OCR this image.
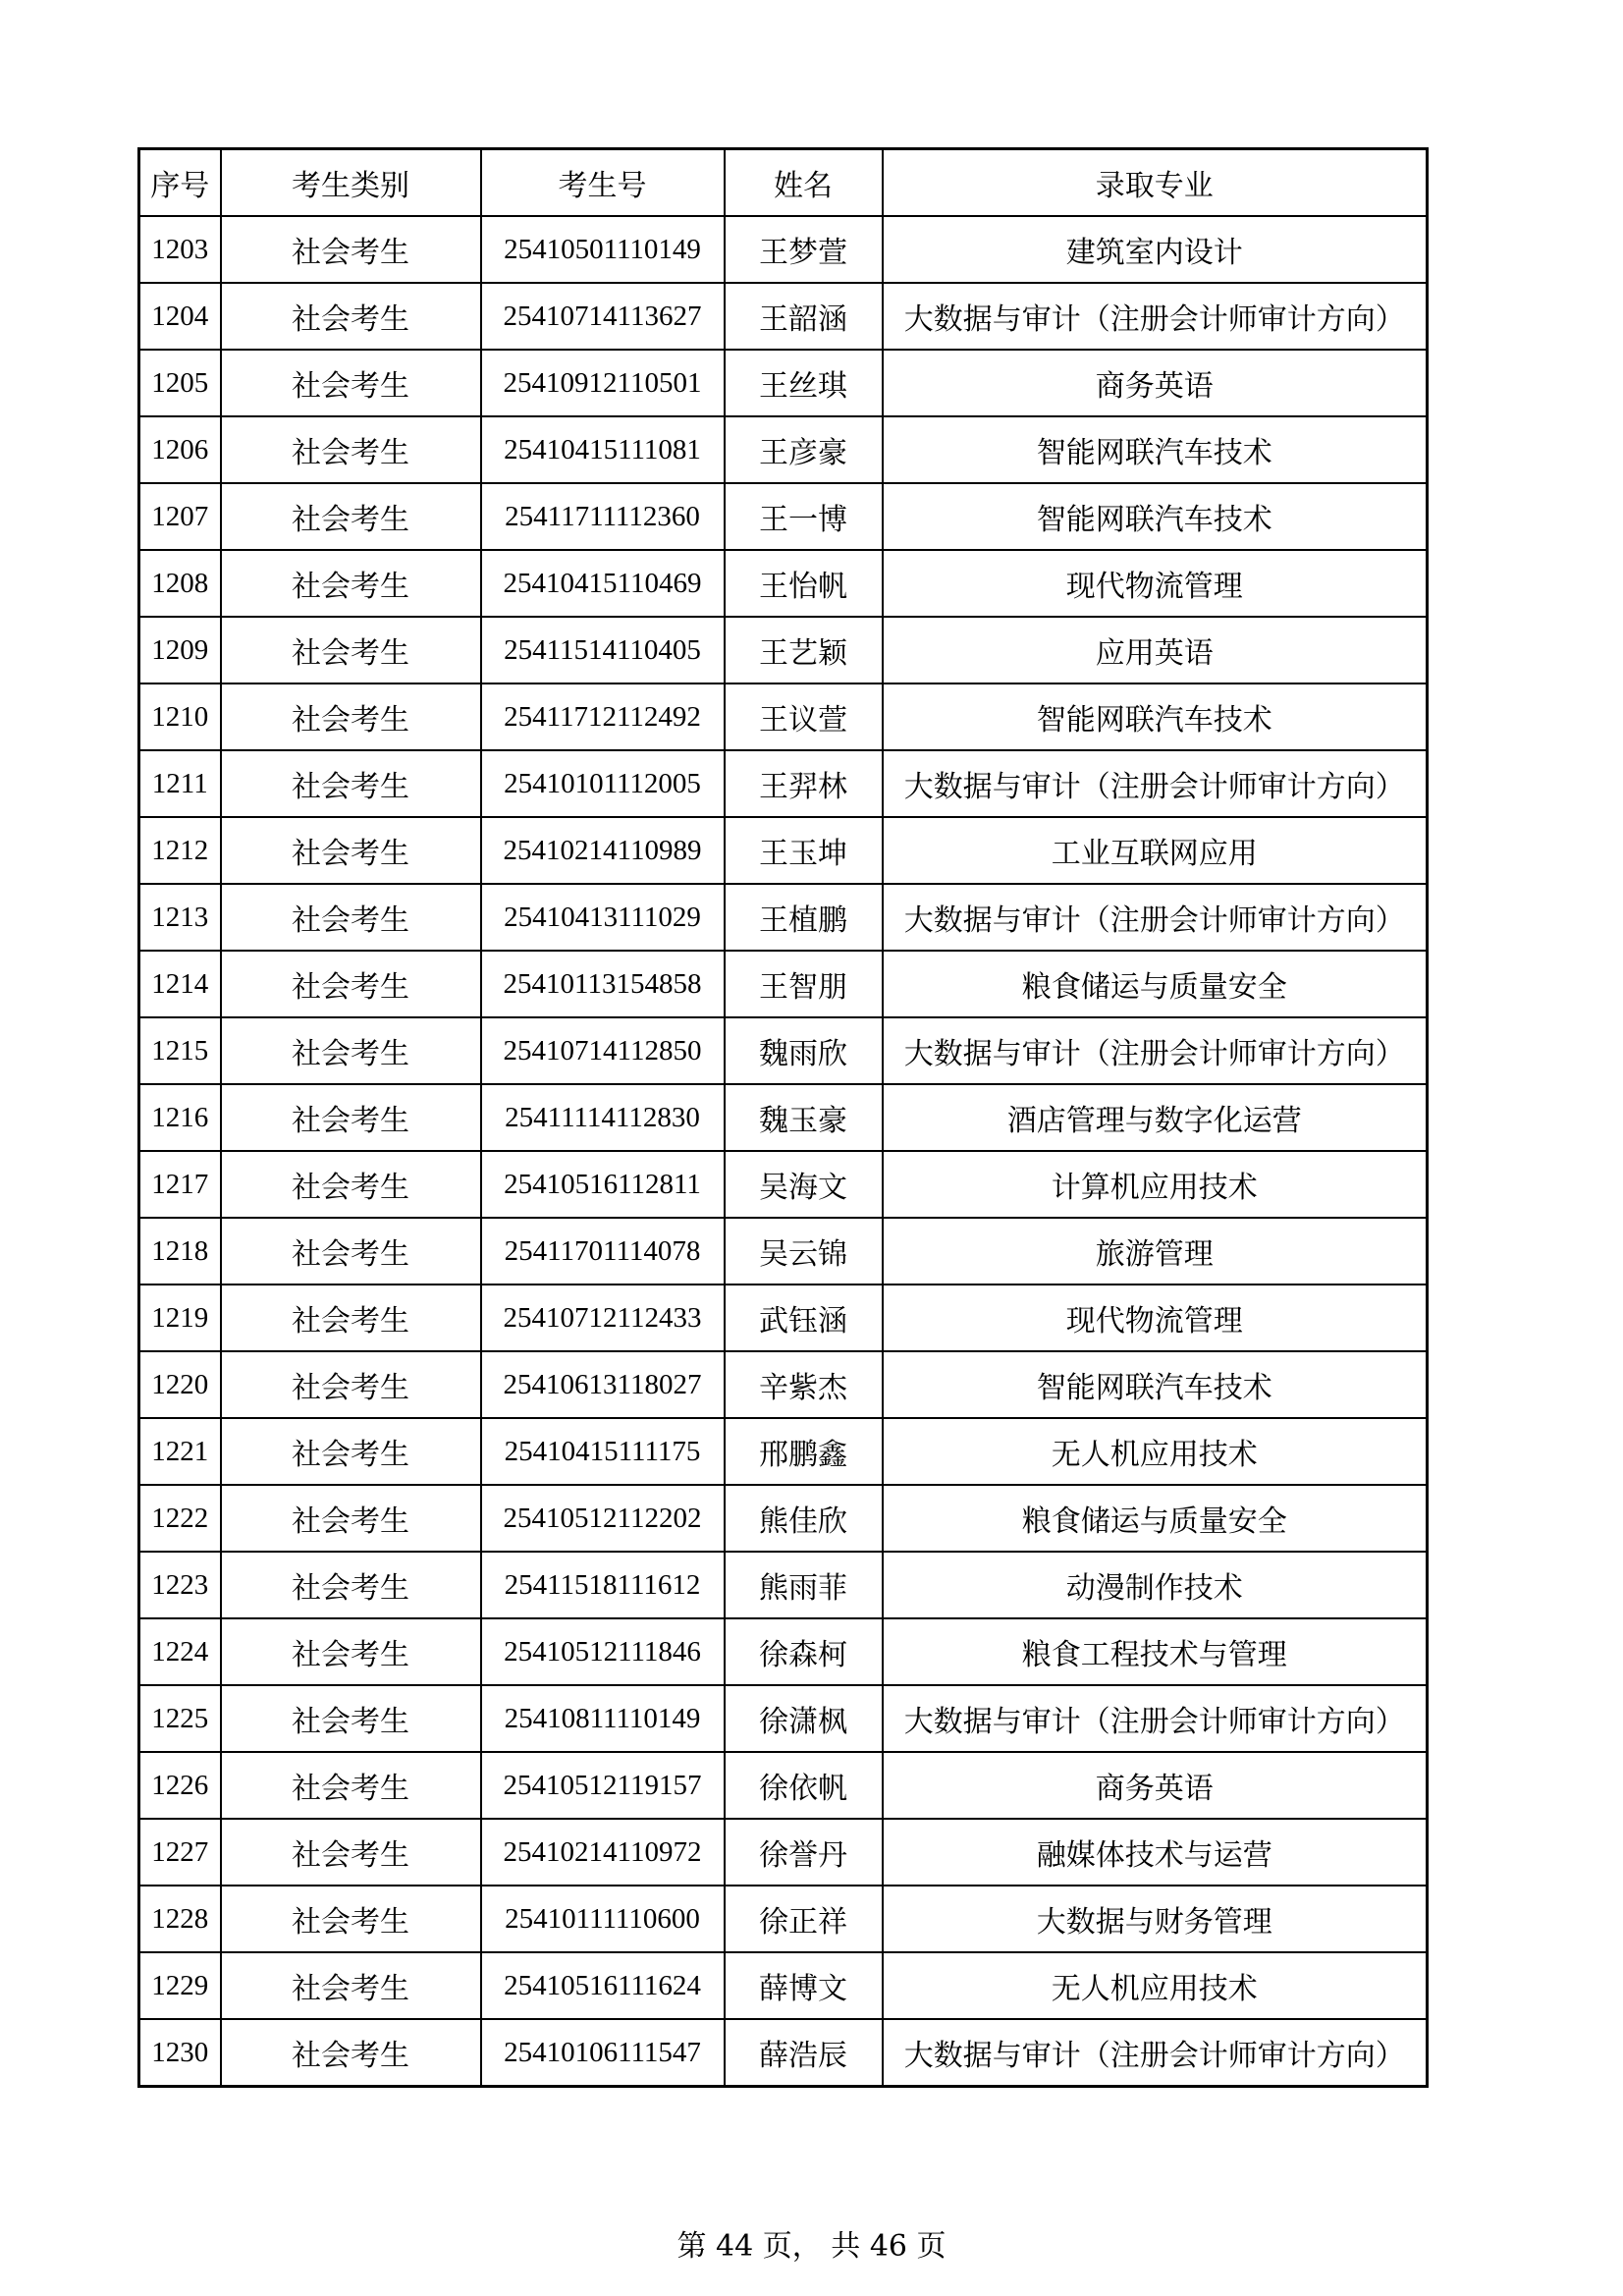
序号	考生类别	考生号	姓名	录取专业
1203	社会考生	25410501110149	王梦萱	建筑室内设计
1204	社会考生	25410714113627	王韶涵	大数据与审计（注册会计师审计方向）
1205	社会考生	25410912110501	王丝琪	商务英语
1206	社会考生	25410415111081	王彦豪	智能网联汽车技术
1207	社会考生	25411711112360	王一博	智能网联汽车技术
1208	社会考生	25410415110469	王怡帆	现代物流管理
1209	社会考生	25411514110405	王艺颖	应用英语
1210	社会考生	25411712112492	王议萱	智能网联汽车技术
1211	社会考生	25410101112005	王羿林	大数据与审计（注册会计师审计方向）
1212	社会考生	25410214110989	王玉坤	工业互联网应用
1213	社会考生	25410413111029	王植鹏	大数据与审计（注册会计师审计方向）
1214	社会考生	25410113154858	王智朋	粮食储运与质量安全
1215	社会考生	25410714112850	魏雨欣	大数据与审计（注册会计师审计方向）
1216	社会考生	25411114112830	魏玉豪	酒店管理与数字化运营
1217	社会考生	25410516112811	吴海文	计算机应用技术
1218	社会考生	25411701114078	吴云锦	旅游管理
1219	社会考生	25410712112433	武钰涵	现代物流管理
1220	社会考生	25410613118027	辛紫杰	智能网联汽车技术
1221	社会考生	25410415111175	邢鹏鑫	无人机应用技术
1222	社会考生	25410512112202	熊佳欣	粮食储运与质量安全
1223	社会考生	25411518111612	熊雨菲	动漫制作技术
1224	社会考生	25410512111846	徐森柯	粮食工程技术与管理
1225	社会考生	25410811110149	徐潇枫	大数据与审计（注册会计师审计方向）
1226	社会考生	25410512119157	徐依帆	商务英语
1227	社会考生	25410214110972	徐誉丹	融媒体技术与运营
1228	社会考生	25410111110600	徐正祥	大数据与财务管理
1229	社会考生	25410516111624	薛博文	无人机应用技术
1230	社会考生	25410106111547	薛浩辰	大数据与审计（注册会计师审计方向）
第 44 页， 共 46 页
